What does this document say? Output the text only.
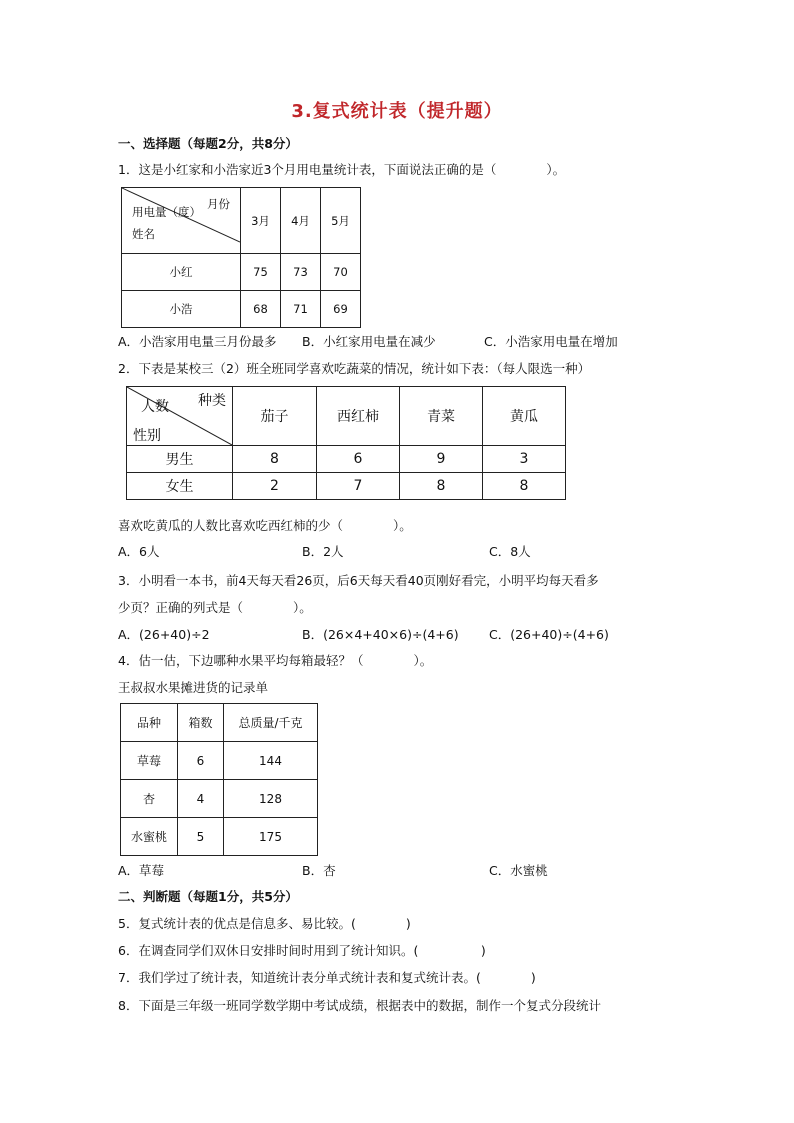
3.复式统计表（提升题）
一、选择题（每题2分，共8分）
1．这是小红家和小浩家近3个月用电量统计表，下面说法正确的是（　　　　）。
月份
用电量（度）
姓名	3月	4月	5月
小红	75	73	70
小浩	68	71	69
A．小浩家用电量三月份最多 B．小红家用电量在减少	C．小浩家用电量在增加
2．下表是某校三（2）班全班同学喜欢吃蔬菜的情况，统计如下表：（每人限选一种）
种类
人数
性别	茄子	西红柿	青菜	黄瓜
男生	8	6	9	3
女生	2	7	8	8
喜欢吃黄瓜的人数比喜欢吃西红柿的少（　　　　）。
A．6人	B．2人	C．8人
3．小明看一本书，前4天每天看26页，后6天每天看40页刚好看完，小明平均每天看多
少页？正确的列式是（　　　　）。
A．(26+40)÷2	B．(26×4+40×6)÷(4+6) C．(26+40)÷(4+6)
4．估一估，下边哪种水果平均每箱最轻？（　　　　）。
王叔叔水果摊进货的记录单
品种	箱数	总质量/千克
草莓	6	144
杏	4	128
水蜜桃	5	175
A．草莓	B．杏	C．水蜜桃
二、判断题（每题1分，共5分）
5．复式统计表的优点是信息多、易比较。(　　　　)
6．在调查同学们双休日安排时间时用到了统计知识。(　　　　　)
7．我们学过了统计表，知道统计表分单式统计表和复式统计表。(　　　　)
8．下面是三年级一班同学数学期中考试成绩，根据表中的数据，制作一个复式分段统计
